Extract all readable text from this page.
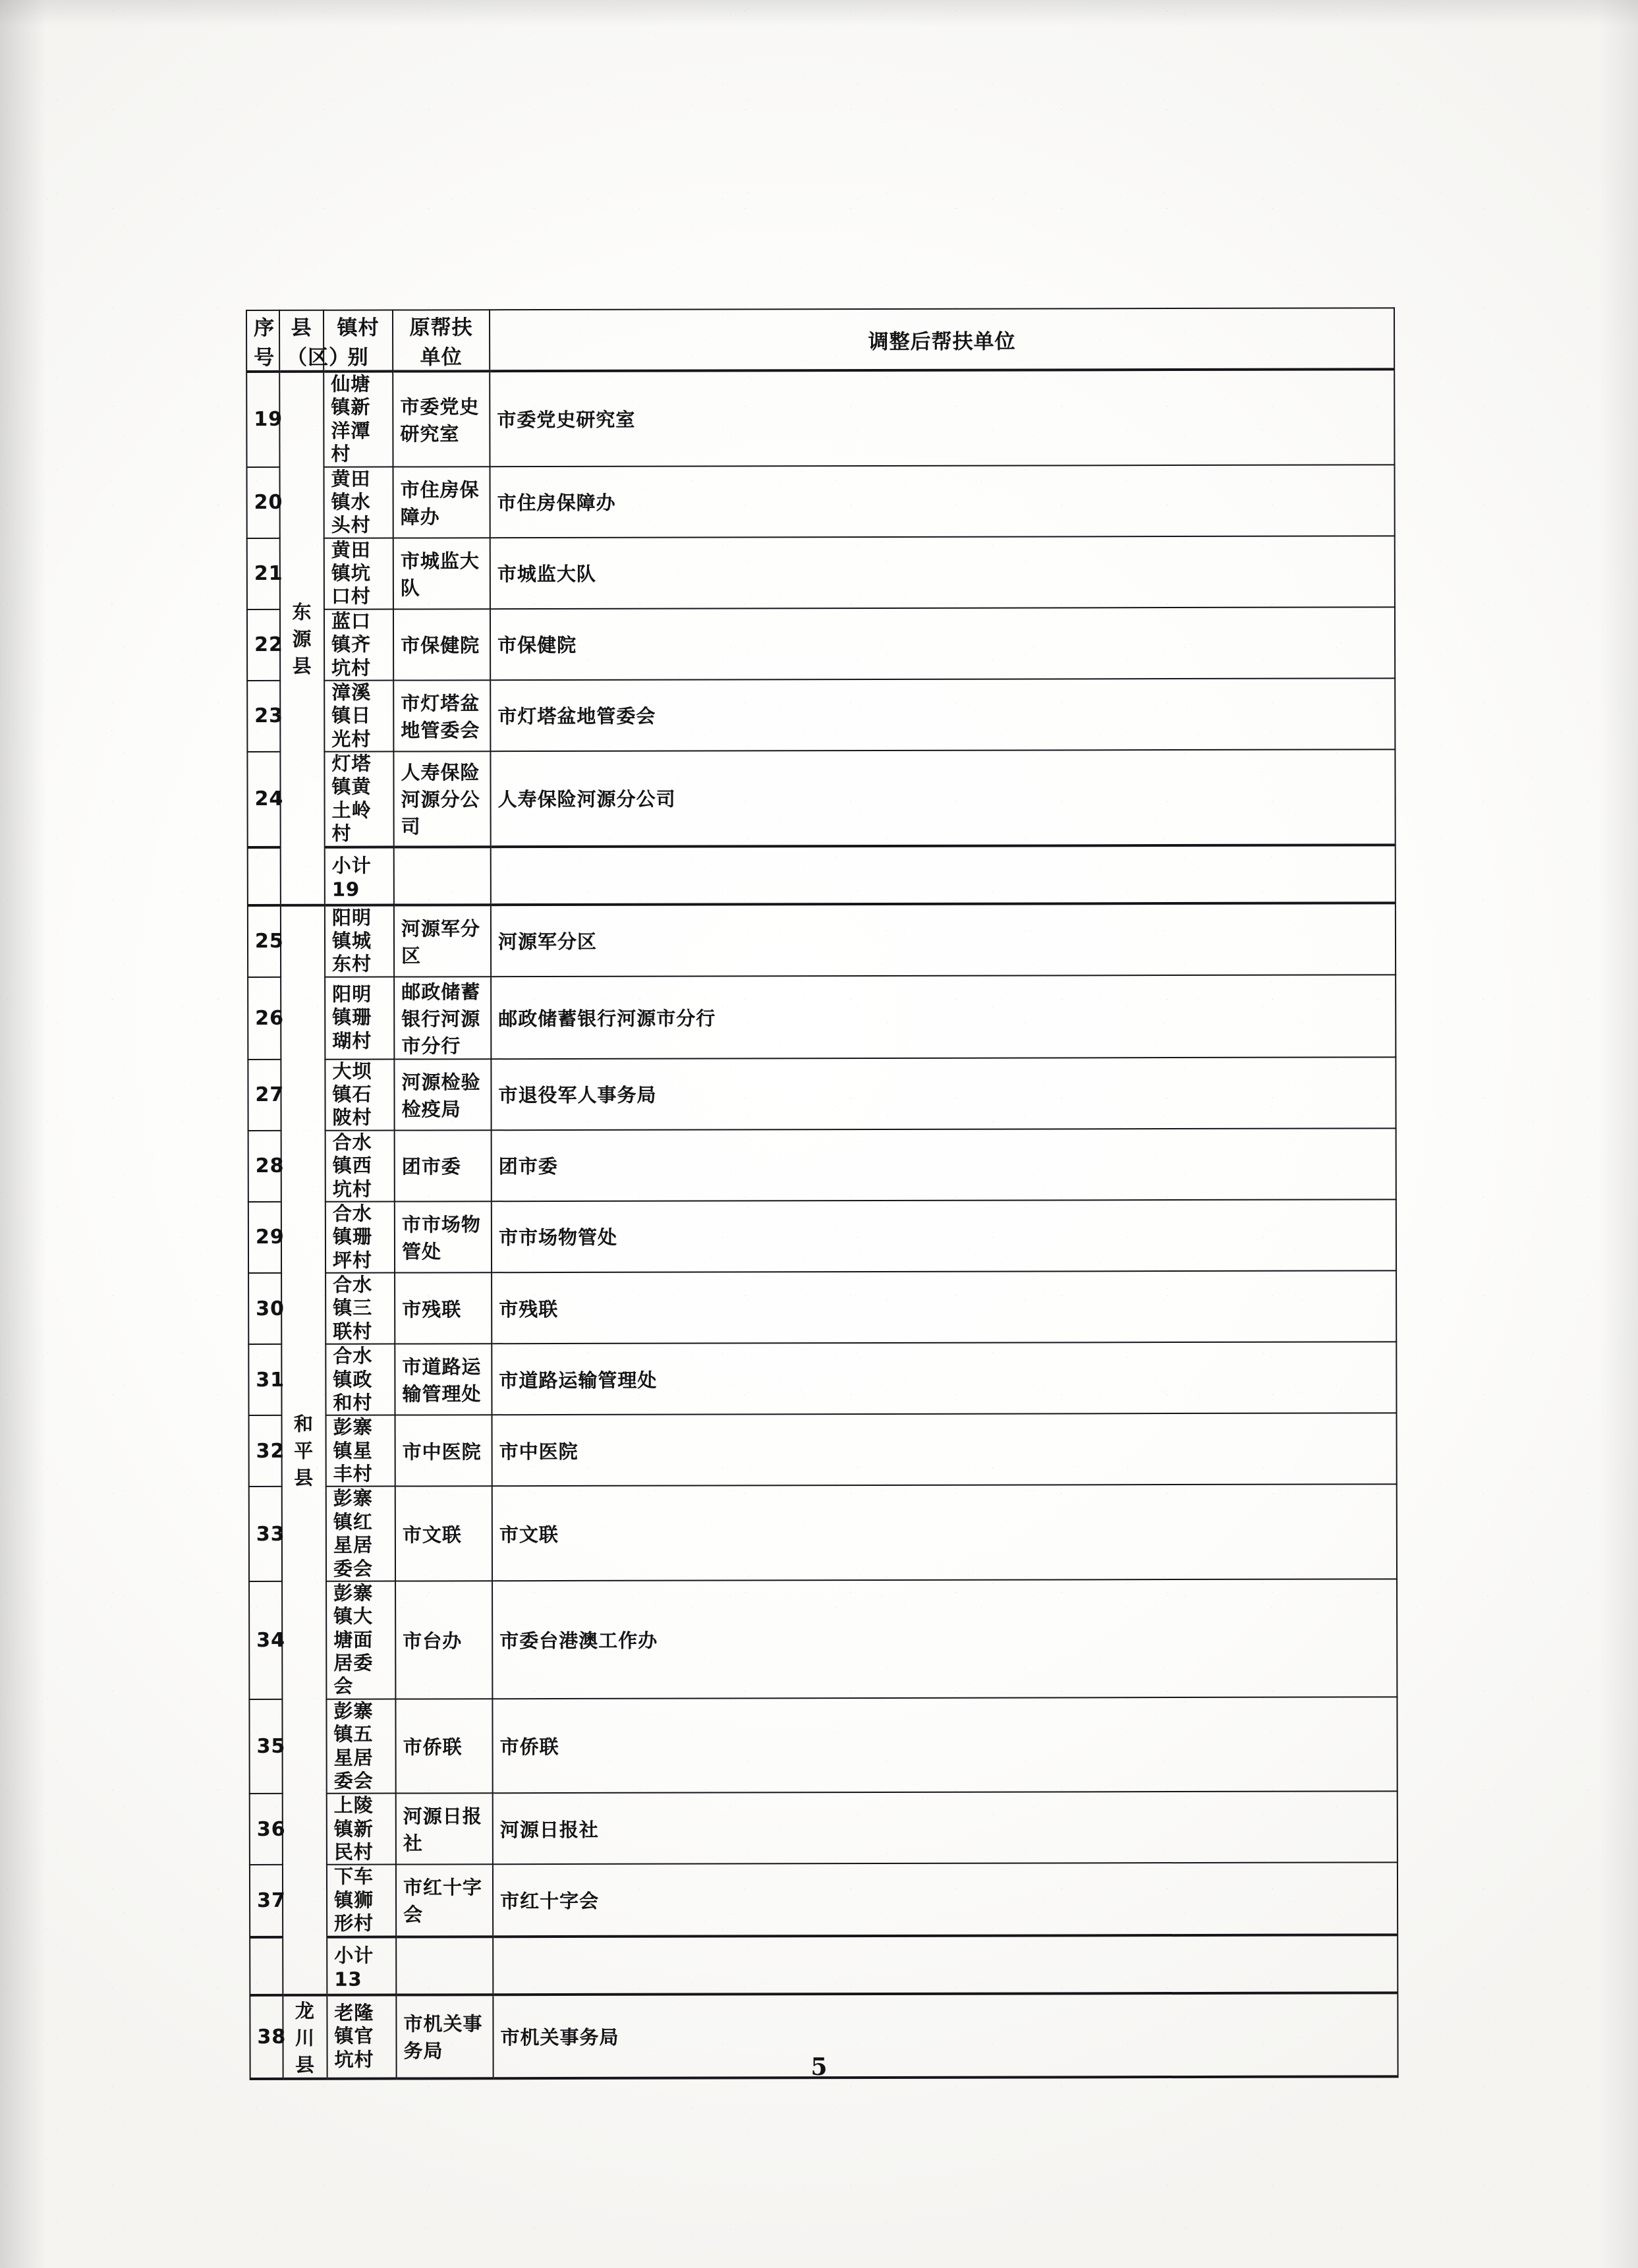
序号	县（区）	镇村别	原帮扶单位	调整后帮扶单位
19	东源县	仙塘镇新洋潭村	市委党史研究室	市委党史研究室
20		黄田镇水头村	市住房保障办	市住房保障办
21		黄田镇坑口村	市城监大队	市城监大队
22		蓝口镇齐坑村	市保健院	市保健院
23		漳溪镇日光村	市灯塔盆地管委会	市灯塔盆地管委会
24		灯塔镇黄土岭村	人寿保险河源分公司	人寿保险河源分公司
		小计 19		
25	和平县	阳明镇城东村	河源军分区	河源军分区
26		阳明镇珊瑚村	邮政储蓄银行河源市分行	邮政储蓄银行河源市分行
27		大坝镇石陂村	河源检验检疫局	市退役军人事务局
28		合水镇西坑村	团市委	团市委
29		合水镇珊坪村	市市场物管处	市市场物管处
30		合水镇三联村	市残联	市残联
31		合水镇政和村	市道路运输管理处	市道路运输管理处
32		彭寨镇星丰村	市中医院	市中医院
33		彭寨镇红星居委会	市文联	市文联
34		彭寨镇大塘面居委会	市台办	市委台港澳工作办
35		彭寨镇五星居委会	市侨联	市侨联
36		上陵镇新民村	河源日报社	河源日报社
37		下车镇狮形村	市红十字会	市红十字会
		小计 13		
38	龙川县	老隆镇官坑村	市机关事务局	市机关事务局
5
